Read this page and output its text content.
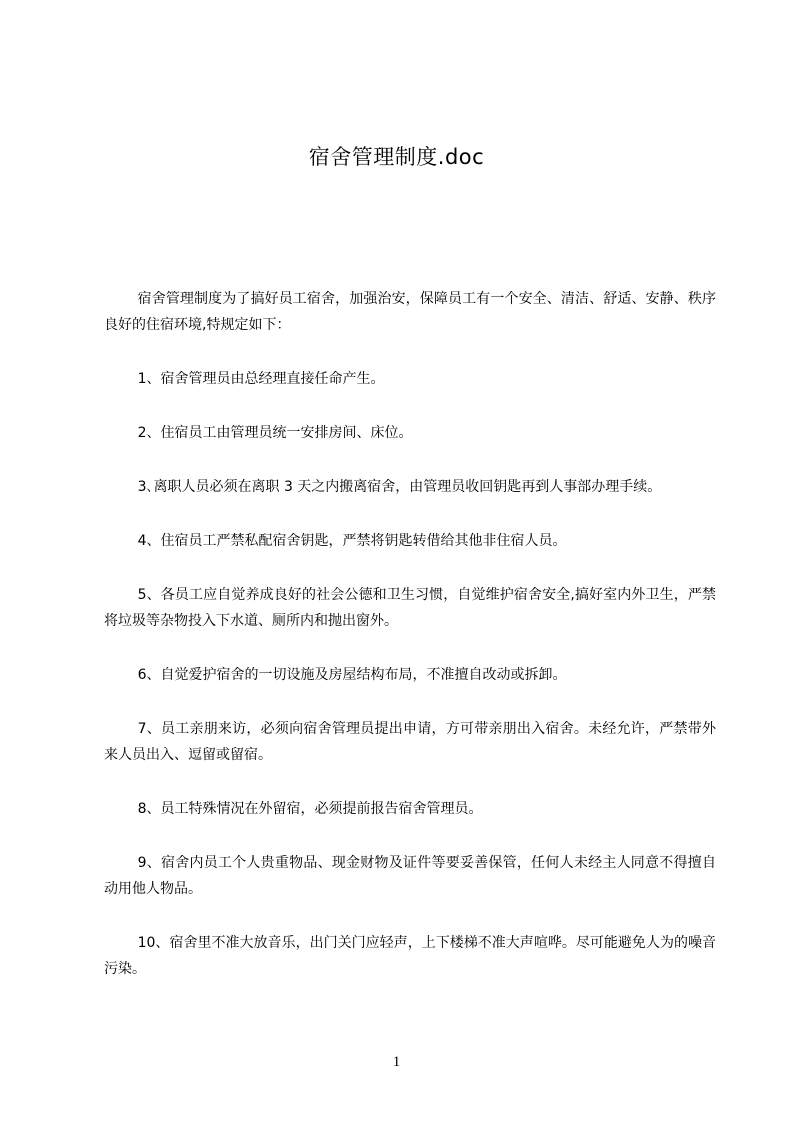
宿舍管理制度.doc

宿舍管理制度为了搞好员工宿舍，加强治安，保障员工有一个安全、清洁、舒适、安静、秩序良好的住宿环境,特规定如下：

1、宿舍管理员由总经理直接任命产生。

2、住宿员工由管理员统一安排房间、床位。

3､离职人员必须在离职 3 天之内搬离宿舍，由管理员收回钥匙再到人事部办理手续。

4、住宿员工严禁私配宿舍钥匙，严禁将钥匙转借给其他非住宿人员。

5、各员工应自觉养成良好的社会公德和卫生习惯，自觉维护宿舍安全,搞好室内外卫生，严禁将垃圾等杂物投入下水道、厕所内和抛出窗外。

6、自觉爱护宿舍的一切设施及房屋结构布局，不准擅自改动或拆卸。

7、员工亲朋来访，必须向宿舍管理员提出申请，方可带亲朋出入宿舍。未经允许，严禁带外来人员出入、逗留或留宿。

8、员工特殊情况在外留宿，必须提前报告宿舍管理员。

9、宿舍内员工个人贵重物品、现金财物及证件等要妥善保管，任何人未经主人同意不得擅自动用他人物品。

10、宿舍里不准大放音乐，出门关门应轻声，上下楼梯不准大声喧哗。尽可能避免人为的噪音污染。

1
